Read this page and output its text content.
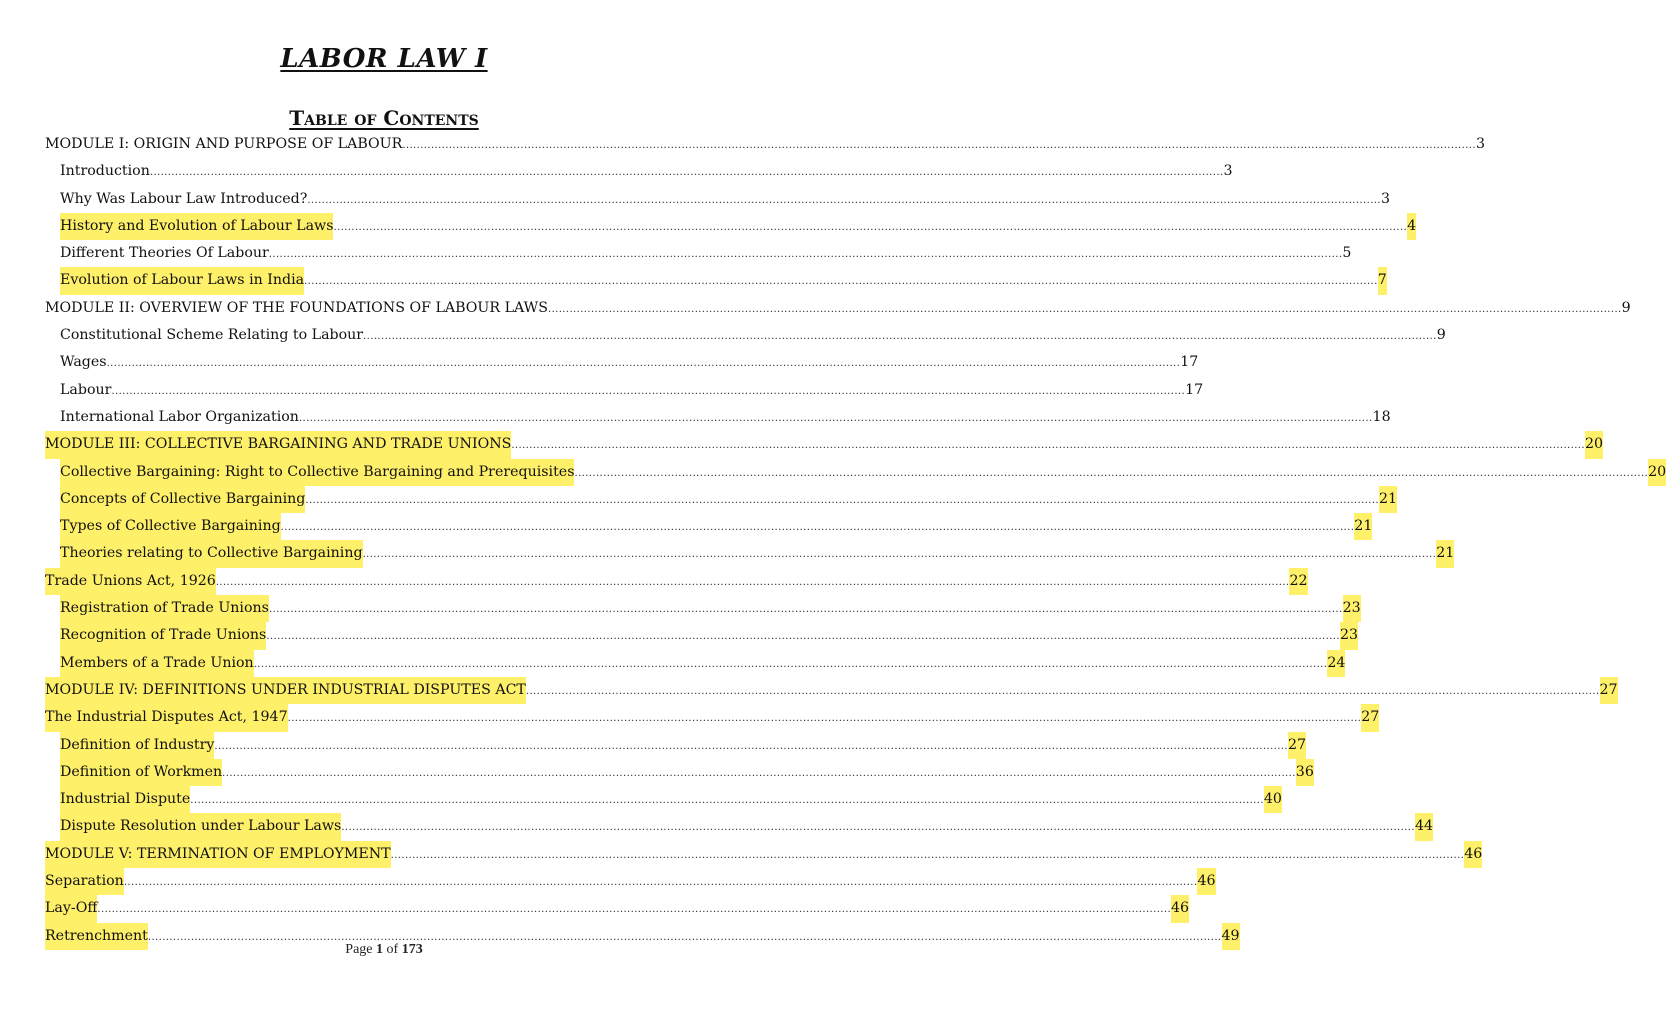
LABOR LAW I
Table of Contents
MODULE I: ORIGIN AND PURPOSE OF LABOUR ............................................................................................................................................................................................................................................................................................................ 3
Introduction ............................................................................................................................................................................................................................................................................................................ 3
Why Was Labour Law Introduced? ............................................................................................................................................................................................................................................................................................................ 3
History and Evolution of Labour Laws ............................................................................................................................................................................................................................................................................................................ 4
Different Theories Of Labour ............................................................................................................................................................................................................................................................................................................ 5
Evolution of Labour Laws in India ............................................................................................................................................................................................................................................................................................................ 7
MODULE II: OVERVIEW OF THE FOUNDATIONS OF LABOUR LAWS ............................................................................................................................................................................................................................................................................................................ 9
Constitutional Scheme Relating to Labour ............................................................................................................................................................................................................................................................................................................ 9
Wages ............................................................................................................................................................................................................................................................................................................ 17
Labour ............................................................................................................................................................................................................................................................................................................ 17
International Labor Organization ............................................................................................................................................................................................................................................................................................................ 18
MODULE III: COLLECTIVE BARGAINING AND TRADE UNIONS ............................................................................................................................................................................................................................................................................................................ 20
Collective Bargaining: Right to Collective Bargaining and Prerequisites ............................................................................................................................................................................................................................................................................................................ 20
Concepts of Collective Bargaining ............................................................................................................................................................................................................................................................................................................ 21
Types of Collective Bargaining ............................................................................................................................................................................................................................................................................................................ 21
Theories relating to Collective Bargaining ............................................................................................................................................................................................................................................................................................................ 21
Trade Unions Act, 1926 ............................................................................................................................................................................................................................................................................................................ 22
Registration of Trade Unions ............................................................................................................................................................................................................................................................................................................ 23
Recognition of Trade Unions ............................................................................................................................................................................................................................................................................................................ 23
Members of a Trade Union ............................................................................................................................................................................................................................................................................................................ 24
MODULE IV: DEFINITIONS UNDER INDUSTRIAL DISPUTES ACT ............................................................................................................................................................................................................................................................................................................ 27
The Industrial Disputes Act, 1947 ............................................................................................................................................................................................................................................................................................................ 27
Definition of Industry ............................................................................................................................................................................................................................................................................................................ 27
Definition of Workmen ............................................................................................................................................................................................................................................................................................................ 36
Industrial Dispute ............................................................................................................................................................................................................................................................................................................ 40
Dispute Resolution under Labour Laws ............................................................................................................................................................................................................................................................................................................ 44
MODULE V: TERMINATION OF EMPLOYMENT ............................................................................................................................................................................................................................................................................................................ 46
Separation ............................................................................................................................................................................................................................................................................................................ 46
Lay-Off ............................................................................................................................................................................................................................................................................................................ 46
Retrenchment ............................................................................................................................................................................................................................................................................................................ 49
Page 1 of 173
